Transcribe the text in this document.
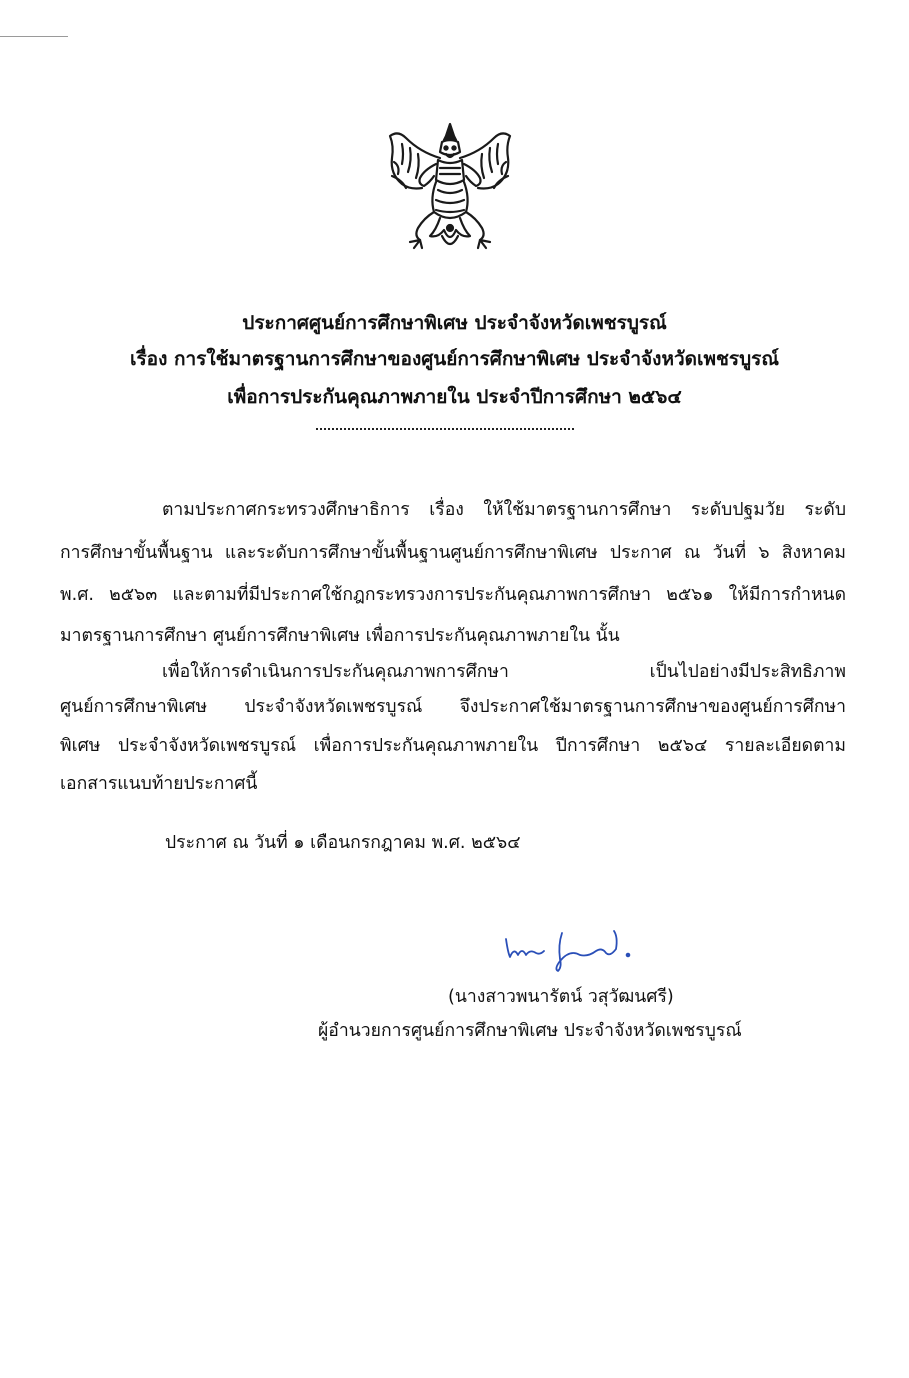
ประกาศศูนย์การศึกษาพิเศษ ประจำจังหวัดเพชรบูรณ์
เรื่อง การใช้มาตรฐานการศึกษาของศูนย์การศึกษาพิเศษ ประจำจังหวัดเพชรบูรณ์
เพื่อการประกันคุณภาพภายใน ประจำปีการศึกษา ๒๕๖๔
ตามประกาศกระทรวงศึกษาธิการ เรื่อง ให้ใช้มาตรฐานการศึกษา ระดับปฐมวัย ระดับ
การศึกษาขั้นพื้นฐาน และระดับการศึกษาขั้นพื้นฐานศูนย์การศึกษาพิเศษ ประกาศ ณ วันที่ ๖ สิงหาคม
พ.ศ. ๒๕๖๓ และตามที่มีประกาศใช้กฎกระทรวงการประกันคุณภาพการศึกษา ๒๕๖๑ ให้มีการกำหนด
มาตรฐานการศึกษา ศูนย์การศึกษาพิเศษ เพื่อการประกันคุณภาพภายใน นั้น
เพื่อให้การดำเนินการประกันคุณภาพการศึกษา เป็นไปอย่างมีประสิทธิภาพ
ศูนย์การศึกษาพิเศษ ประจำจังหวัดเพชรบูรณ์ จึงประกาศใช้มาตรฐานการศึกษาของศูนย์การศึกษา
พิเศษ ประจำจังหวัดเพชรบูรณ์ เพื่อการประกันคุณภาพภายใน ปีการศึกษา ๒๕๖๔ รายละเอียดตาม
เอกสารแนบท้ายประกาศนี้
ประกาศ ณ วันที่ ๑ เดือนกรกฎาคม พ.ศ. ๒๕๖๔
(นางสาวพนารัตน์ วสุวัฒนศรี)
ผู้อำนวยการศูนย์การศึกษาพิเศษ ประจำจังหวัดเพชรบูรณ์
